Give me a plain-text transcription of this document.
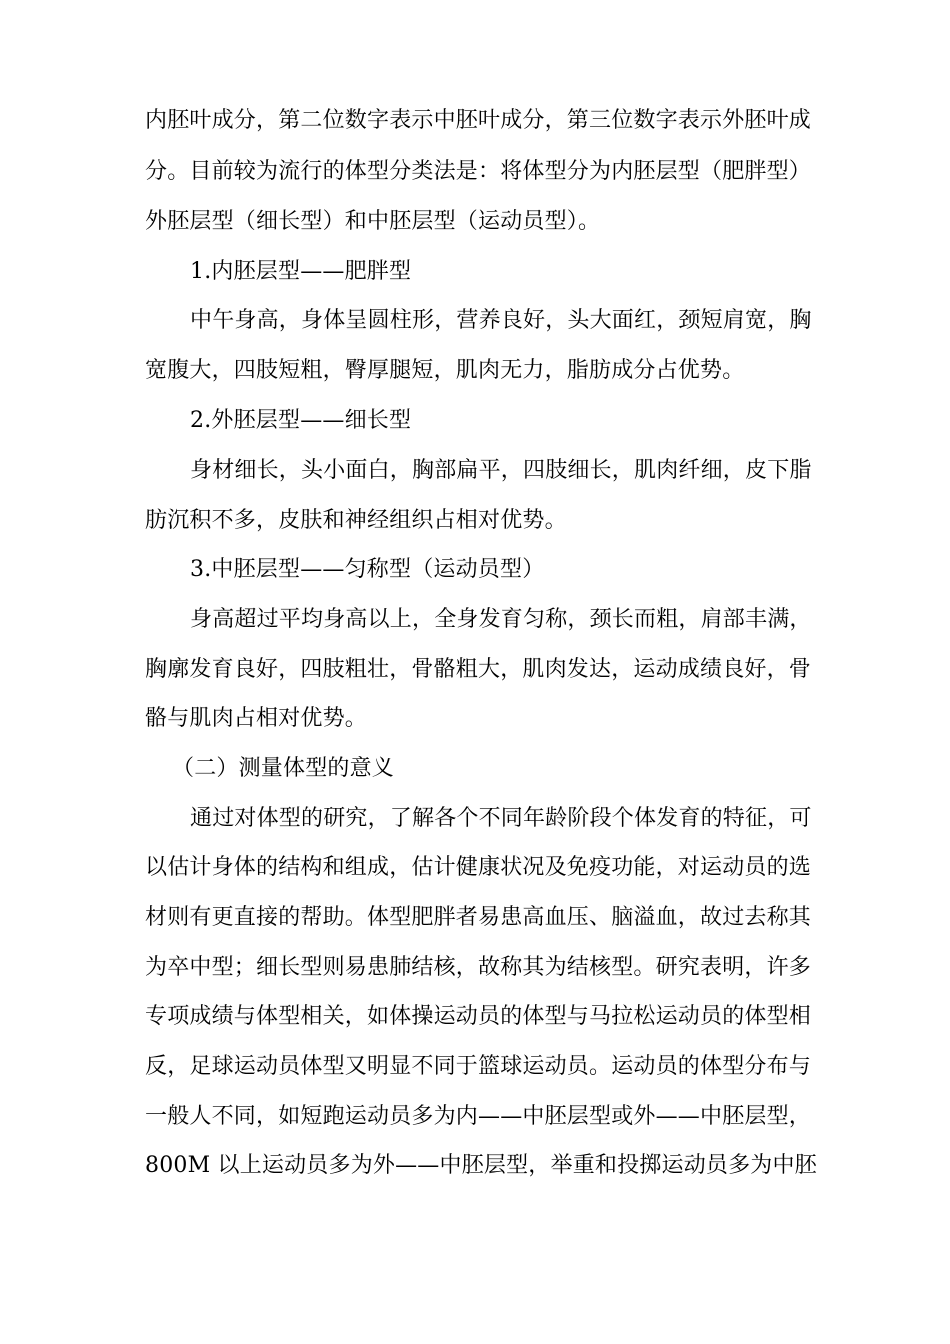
内胚叶成分，第二位数字表示中胚叶成分，第三位数字表示外胚叶成
分。目前较为流行的体型分类法是：将体型分为内胚层型（肥胖型）
外胚层型（细长型）和中胚层型（运动员型）。
1.内胚层型——肥胖型
中午身高，身体呈圆柱形，营养良好，头大面红，颈短肩宽，胸
宽腹大，四肢短粗，臀厚腿短，肌肉无力，脂肪成分占优势。
2.外胚层型——细长型
身材细长，头小面白，胸部扁平，四肢细长，肌肉纤细，皮下脂
肪沉积不多，皮肤和神经组织占相对优势。
3.中胚层型——匀称型（运动员型）
身高超过平均身高以上，全身发育匀称，颈长而粗，肩部丰满，
胸廓发育良好，四肢粗壮，骨骼粗大，肌肉发达，运动成绩良好，骨
骼与肌肉占相对优势。
（二）测量体型的意义
通过对体型的研究，了解各个不同年龄阶段个体发育的特征，可
以估计身体的结构和组成，估计健康状况及免疫功能，对运动员的选
材则有更直接的帮助。体型肥胖者易患高血压、脑溢血，故过去称其
为卒中型；细长型则易患肺结核，故称其为结核型。研究表明，许多
专项成绩与体型相关，如体操运动员的体型与马拉松运动员的体型相
反，足球运动员体型又明显不同于篮球运动员。运动员的体型分布与
一般人不同，如短跑运动员多为内——中胚层型或外——中胚层型，
800M 以上运动员多为外——中胚层型，举重和投掷运动员多为中胚
